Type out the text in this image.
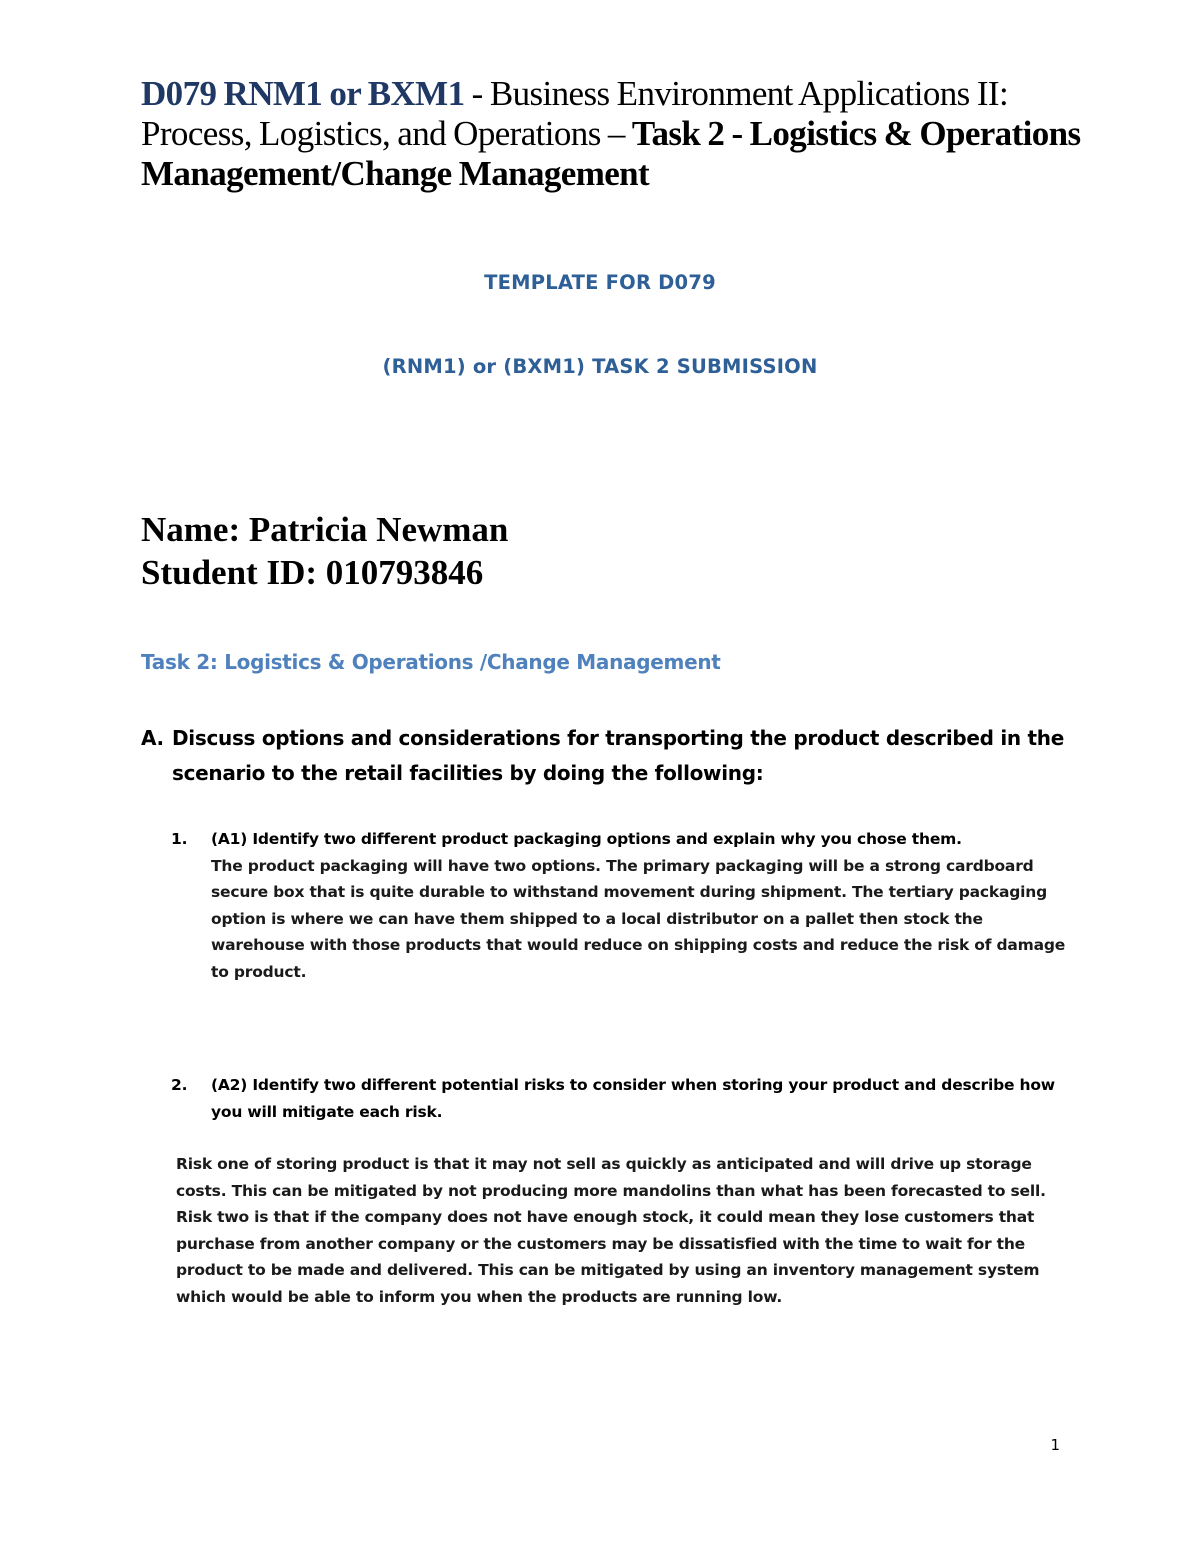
D079 RNM1 or BXM1 - Business Environment Applications II: Process, Logistics, and Operations – Task 2 - Logistics & Operations Management/Change Management
TEMPLATE FOR D079
(RNM1) or (BXM1) TASK 2 SUBMISSION
Name: Patricia Newman
Student ID: 010793846
Task 2: Logistics & Operations /Change Management
A. Discuss options and considerations for transporting the product described in the scenario to the retail facilities by doing the following:
1.	(A1) Identify two different product packaging options and explain why you chose them.
The product packaging will have two options. The primary packaging will be a strong cardboard secure box that is quite durable to withstand movement during shipment. The tertiary packaging option is where we can have them shipped to a local distributor on a pallet then stock the warehouse with those products that would reduce on shipping costs and reduce the risk of damage to product.
2.	(A2) Identify two different potential risks to consider when storing your product and describe how you will mitigate each risk.

Risk one of storing product is that it may not sell as quickly as anticipated and will drive up storage costs. This can be mitigated by not producing more mandolins than what has been forecasted to sell.

Risk two is that if the company does not have enough stock, it could mean they lose customers that purchase from another company or the customers may be dissatisfied with the time to wait for the product to be made and delivered. This can be mitigated by using an inventory management system which would be able to inform you when the products are running low.

1
